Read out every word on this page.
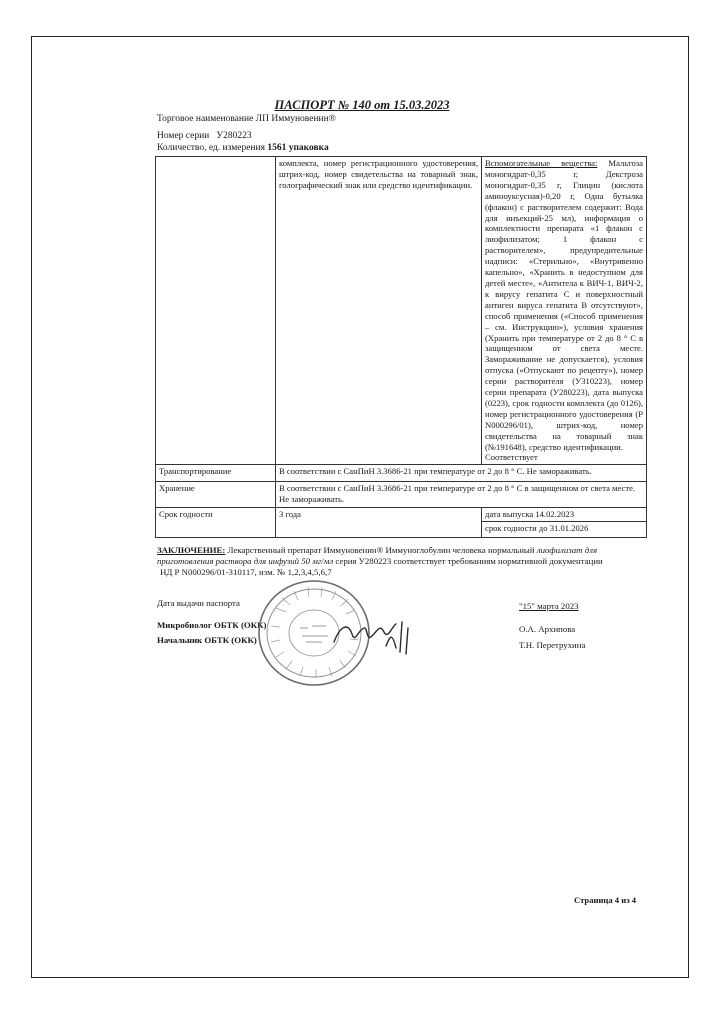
ПАСПОРТ № 140 от 15.03.2023
Торговое наименование ЛП Иммуновенин®
Номер серии У280223
Количество, ед. измерения 1561 упаковка
	комплекта, номер регистрационного удостоверения, штрих-код, номер свидетельства на товарный знак, голографический знак или средство идентификации.	Вспомогательные вещества: Мальтоза моногидрат-0,35 г, Декстроза моногидрат-0,35 г, Глицин (кислота аминоуксусная)-0,20 г, Одна бутылка (флакон) с растворителем содержит: Вода для инъекций-25 мл), информация о комплектности препарата «1 флакон с лиофилизатом; 1 флакон с растворителем», предупредительные надписи: «Стерильно», «Внутривенно капельно», «Хранить в недоступном для детей месте», «Антитела к ВИЧ-1, ВИЧ-2, к вирусу гепатита С и поверхностный антиген вируса гепатита В отсутствуют», способ применения («Способ применения – см. Инструкцию»), условия хранения (Хранить при температуре от 2 до 8 ° С в защищенном от света месте. Замораживание не допускается), условия отпуска («Отпускают по рецепту»), номер серии растворителя (У310223), номер серии препарата (У280223), дата выпуска (0223), срок годности комплекта (до 0126), номер регистрационного удостоверения (Р N000296/01), штрих-код, номер свидетельства на товарный знак (№191648), средство идентификации.
Соответствует
Транспортирование	В соответствии с СанПиН 3.3686-21 при температуре от 2 до 8 ° С. Не замораживать.	
Хранение	В соответствии с СанПиН 3.3686-21 при температуре от 2 до 8 ° С в защищенном от света месте. Не замораживать.	
Срок годности	3 года	дата выпуска 14.02.2023
срок годности до 31.01.2026
ЗАКЛЮЧЕНИЕ: Лекарственный препарат Иммуновенин® Иммуноглобулин человека нормальный лиофилизат для приготовления раствора для инфузий 50 мг/мл серия У280223 соответствует требованиям нормативной документации
НД Р N000296/01-310117, изм. № 1,2,3,4,5,6,7
Дата выдачи паспорта	"15" марта 2023
Микробиолог ОБТК (ОКК)	О.А. Архипова
Начальник ОБТК (ОКК)	Т.Н. Перетрухина
Страница 4 из 4
